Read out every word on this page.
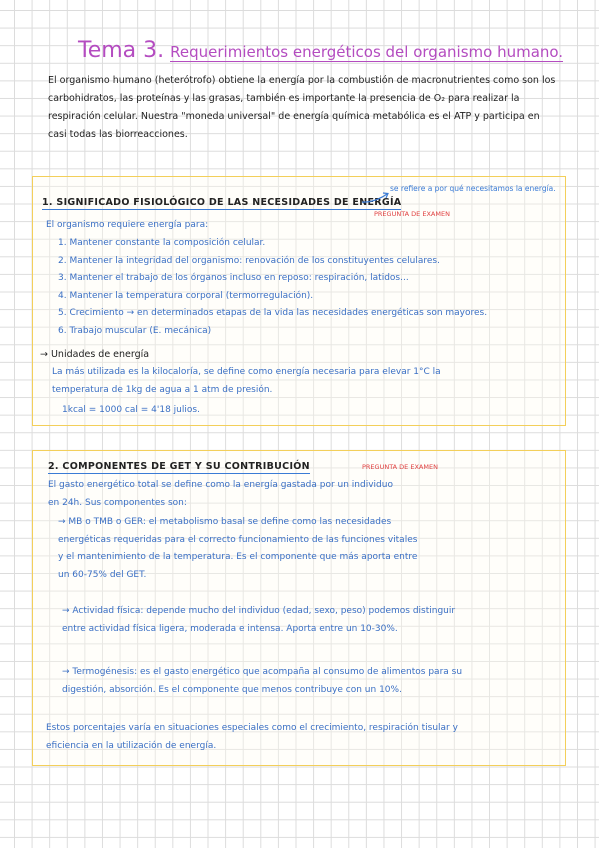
Tema 3. Requerimientos energéticos del organismo humano.
El organismo humano (heterótrofo) obtiene la energía por la combustión de macronutrientes como son los carbohidratos, las proteínas y las grasas, también es importante la presencia de O₂ para realizar la respiración celular. Nuestra "moneda universal" de energía química metabólica es el ATP y participa en casi todas las biorreacciones.
1. SIGNIFICADO FISIOLÓGICO DE LAS NECESIDADES DE ENERGÍA
se refiere a por qué necesitamos la energía.
PREGUNTA DE EXAMEN
El organismo requiere energía para:
1. Mantener constante la composición celular.
2. Mantener la integridad del organismo: renovación de los constituyentes celulares.
3. Mantener el trabajo de los órganos incluso en reposo: respiración, latidos...
4. Mantener la temperatura corporal (termorregulación).
5. Crecimiento → en determinados etapas de la vida las necesidades energéticas son mayores.
6. Trabajo muscular (E. mecánica)
→ Unidades de energía
La más utilizada es la kilocaloría, se define como energía necesaria para elevar 1°C la
temperatura de 1kg de agua a 1 atm de presión.
1kcal = 1000 cal = 4'18 julios.
2. COMPONENTES DE GET Y SU CONTRIBUCIÓN	PREGUNTA DE EXAMEN
El gasto energético total se define como la energía gastada por un individuo
en 24h. Sus componentes son:
→ MB o TMB o GER: el metabolismo basal se define como las necesidades
energéticas requeridas para el correcto funcionamiento de las funciones vitales
y el mantenimiento de la temperatura. Es el componente que más aporta entre
un 60-75% del GET.
→ Actividad física: depende mucho del individuo (edad, sexo, peso) podemos distinguir
entre actividad física ligera, moderada e intensa. Aporta entre un 10-30%.
→ Termogénesis: es el gasto energético que acompaña al consumo de alimentos para su
digestión, absorción. Es el componente que menos contribuye con un 10%.
Estos porcentajes varía en situaciones especiales como el crecimiento, respiración tisular y
eficiencia en la utilización de energía.
